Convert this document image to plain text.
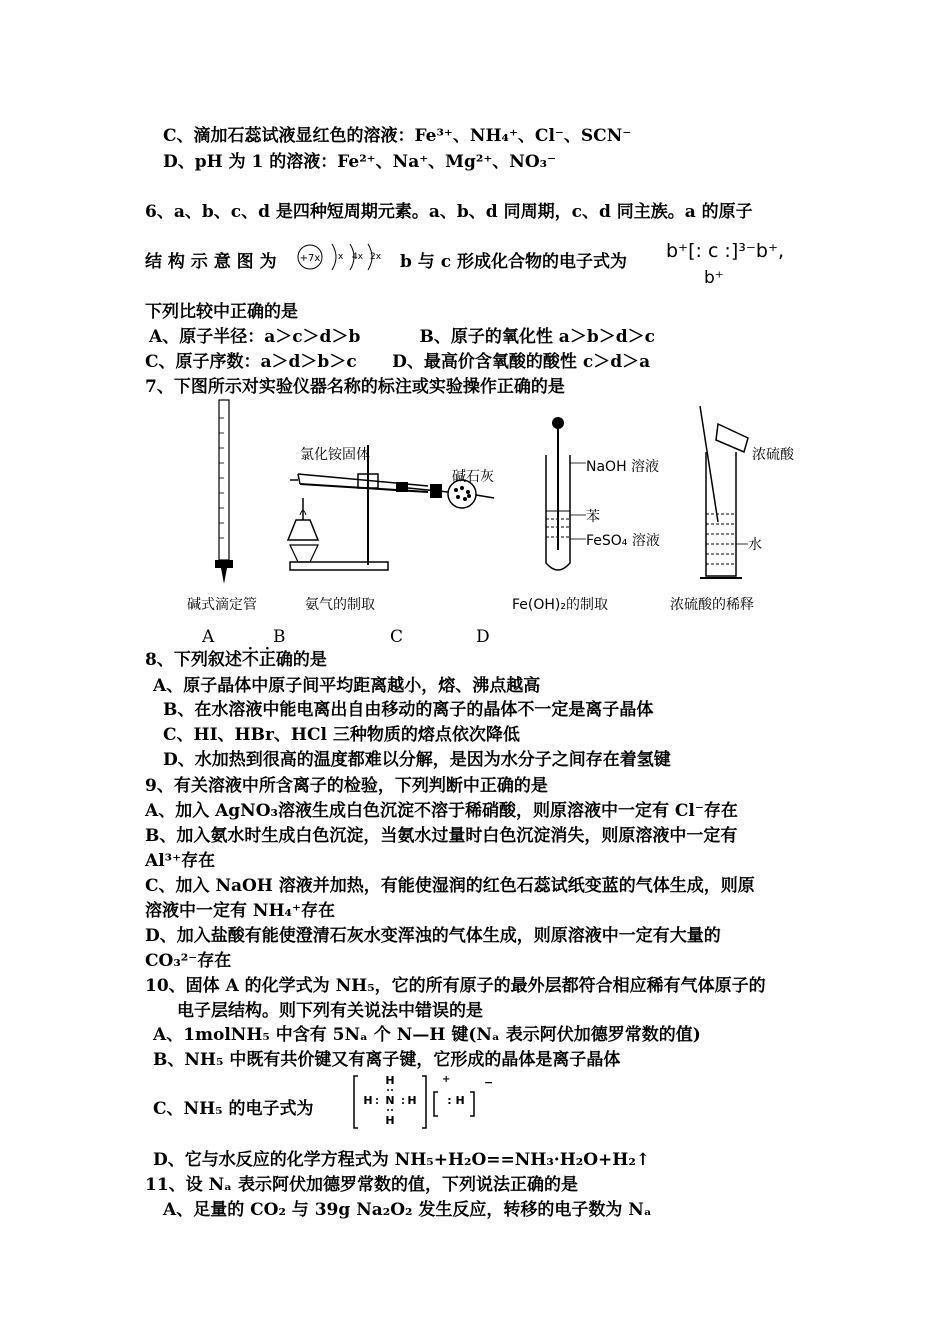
C、滴加石蕊试液显红色的溶液：Fe³⁺、NH₄⁺、Cl⁻、SCN⁻
D、pH 为 1 的溶液：Fe²⁺、Na⁺、Mg²⁺、NO₃⁻
6、a、b、c、d 是四种短周期元素。a、b、d 同周期，c、d 同主族。a 的原子
结 构 示 意 图 为 +7x x 4x 2x b 与 c 形成化合物的电子式为 b⁺[: c :]³⁻b⁺,
b⁺
下列比较中正确的是
A、原子半径：a＞c＞d＞b          B、原子的氧化性 a＞b＞d＞c
C、原子序数：a＞d＞b＞c      D、最高价含氧酸的酸性 c＞d＞a
7、下图所示对实验仪器名称的标注或实验操作正确的是
氯化铵固体
碱石灰
NaOH 溶液
苯
FeSO₄ 溶液
浓硫酸
水
碱式滴定管	氨气的制取	Fe(OH)₂的制取	浓硫酸的稀释
A	B	C	D
8、下列叙述不正确的是
A、原子晶体中原子间平均距离越小，熔、沸点越高
B、在水溶液中能电离出自由移动的离子的晶体不一定是离子晶体
C、HI、HBr、HCl 三种物质的熔点依次降低
D、水加热到很高的温度都难以分解，是因为水分子之间存在着氢键
9、有关溶液中所含离子的检验，下列判断中正确的是
A、加入 AgNO₃溶液生成白色沉淀不溶于稀硝酸，则原溶液中一定有 Cl⁻存在
B、加入氨水时生成白色沉淀，当氨水过量时白色沉淀消失，则原溶液中一定有
Al³⁺存在
C、加入 NaOH 溶液并加热，有能使湿润的红色石蕊试纸变蓝的气体生成，则原
溶液中一定有 NH₄⁺存在
D、加入盐酸有能使澄清石灰水变浑浊的气体生成，则原溶液中一定有大量的
CO₃²⁻存在
10、固体 A 的化学式为 NH₅，它的所有原子的最外层都符合相应稀有气体原子的
电子层结构。则下列有关说法中错误的是
A、1molNH₅ 中含有 5Nₐ 个 N—H 键(Nₐ 表示阿伏加德罗常数的值)
B、NH₅ 中既有共价键又有离子键，它形成的晶体是离子晶体
C、NH₅ 的电子式为
H
H N H
H
: H
+	−
D、它与水反应的化学方程式为 NH₅+H₂O==NH₃·H₂O+H₂↑
11、设 Nₐ 表示阿伏加德罗常数的值，下列说法正确的是
A、足量的 CO₂ 与 39g Na₂O₂ 发生反应，转移的电子数为 Nₐ
